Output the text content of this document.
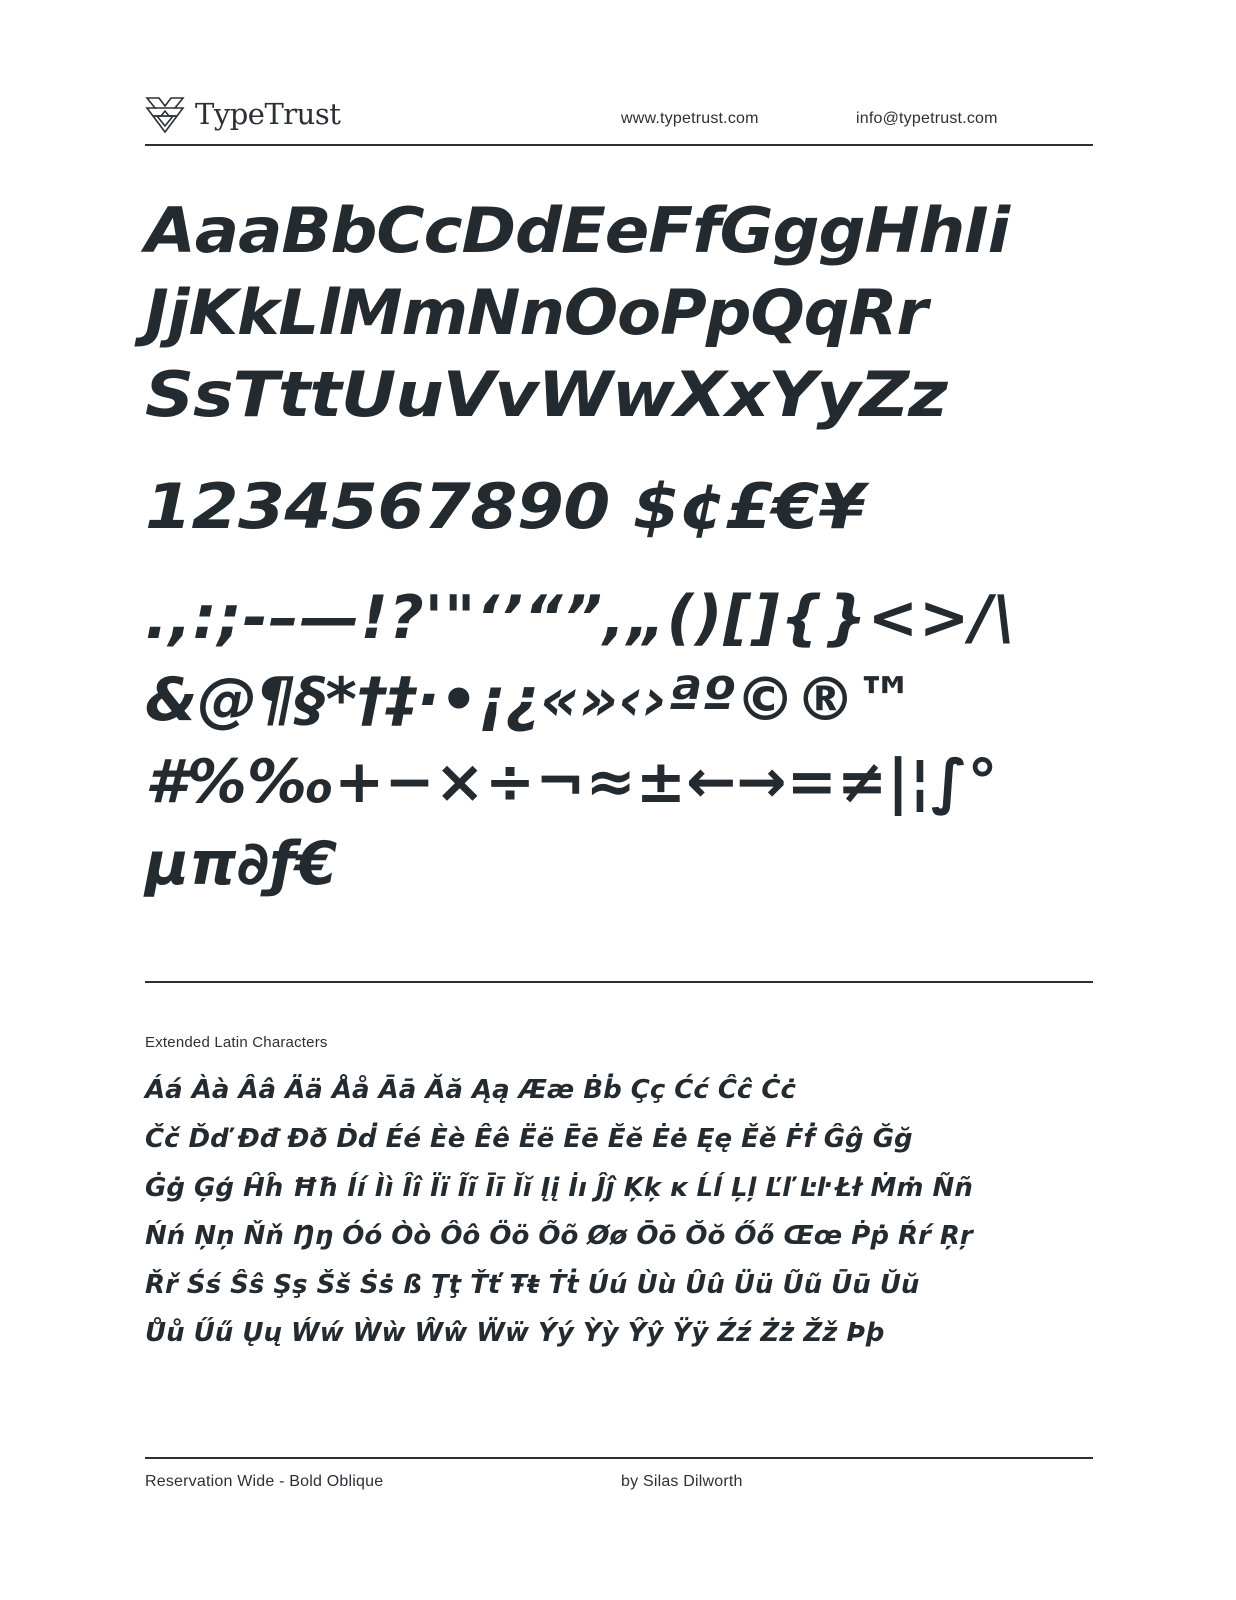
TypeTrust	www.typetrust.com	info@typetrust.com
AaaBbCcDdEeFfGggHhIi
JjKkLlMmNnOoPpQqRr
SsTttUuVvWwXxYyZz
1234567890 $¢£€¥
.,:;-–—!?'"‘’“”‚„()[]{}<>/\
&@¶§*†‡·•¡¿«»‹›ªº©®™
#%‰+−×÷¬≈±←→=≠|¦∫°
µπ∂ƒ€
Extended Latin Characters
Áá Àà Ââ Ää Åå Āā Ăă Ąą Ææ Ḃḃ Çç Ćć Ĉĉ Ċċ
Čč Ďď Đđ Ðð Ḋḋ Éé Èè Êê Ëë Ēē Ĕĕ Ėė Ęę Ěě Ḟḟ Ĝĝ Ğğ
Ġġ Ģģ Ĥĥ Ħħ Íí Ìì Îî Ïï Ĩĩ Īī Ĭĭ Įį İı Ĵĵ Ķķ ĸ Ĺĺ Ļļ Ľľ Ŀŀ Łł Ṁṁ Ññ
Ńń Ņņ Ňň Ŋŋ Óó Òò Ôô Öö Õõ Øø Ōō Ŏŏ Őő Œœ Ṗṗ Ŕŕ Ŗŗ
Řř Śś Ŝŝ Şş Šš Ṡṡ ß Ţţ Ťť Ŧŧ Ṫṫ Úú Ùù Ûû Üü Ũũ Ūū Ŭŭ
Ůů Űű Ųų Ẃẃ Ẁẁ Ŵŵ Ẅẅ Ýý Ỳỳ Ŷŷ Ÿÿ Źź Żż Žž Þþ
Reservation Wide - Bold Oblique	by Silas Dilworth
